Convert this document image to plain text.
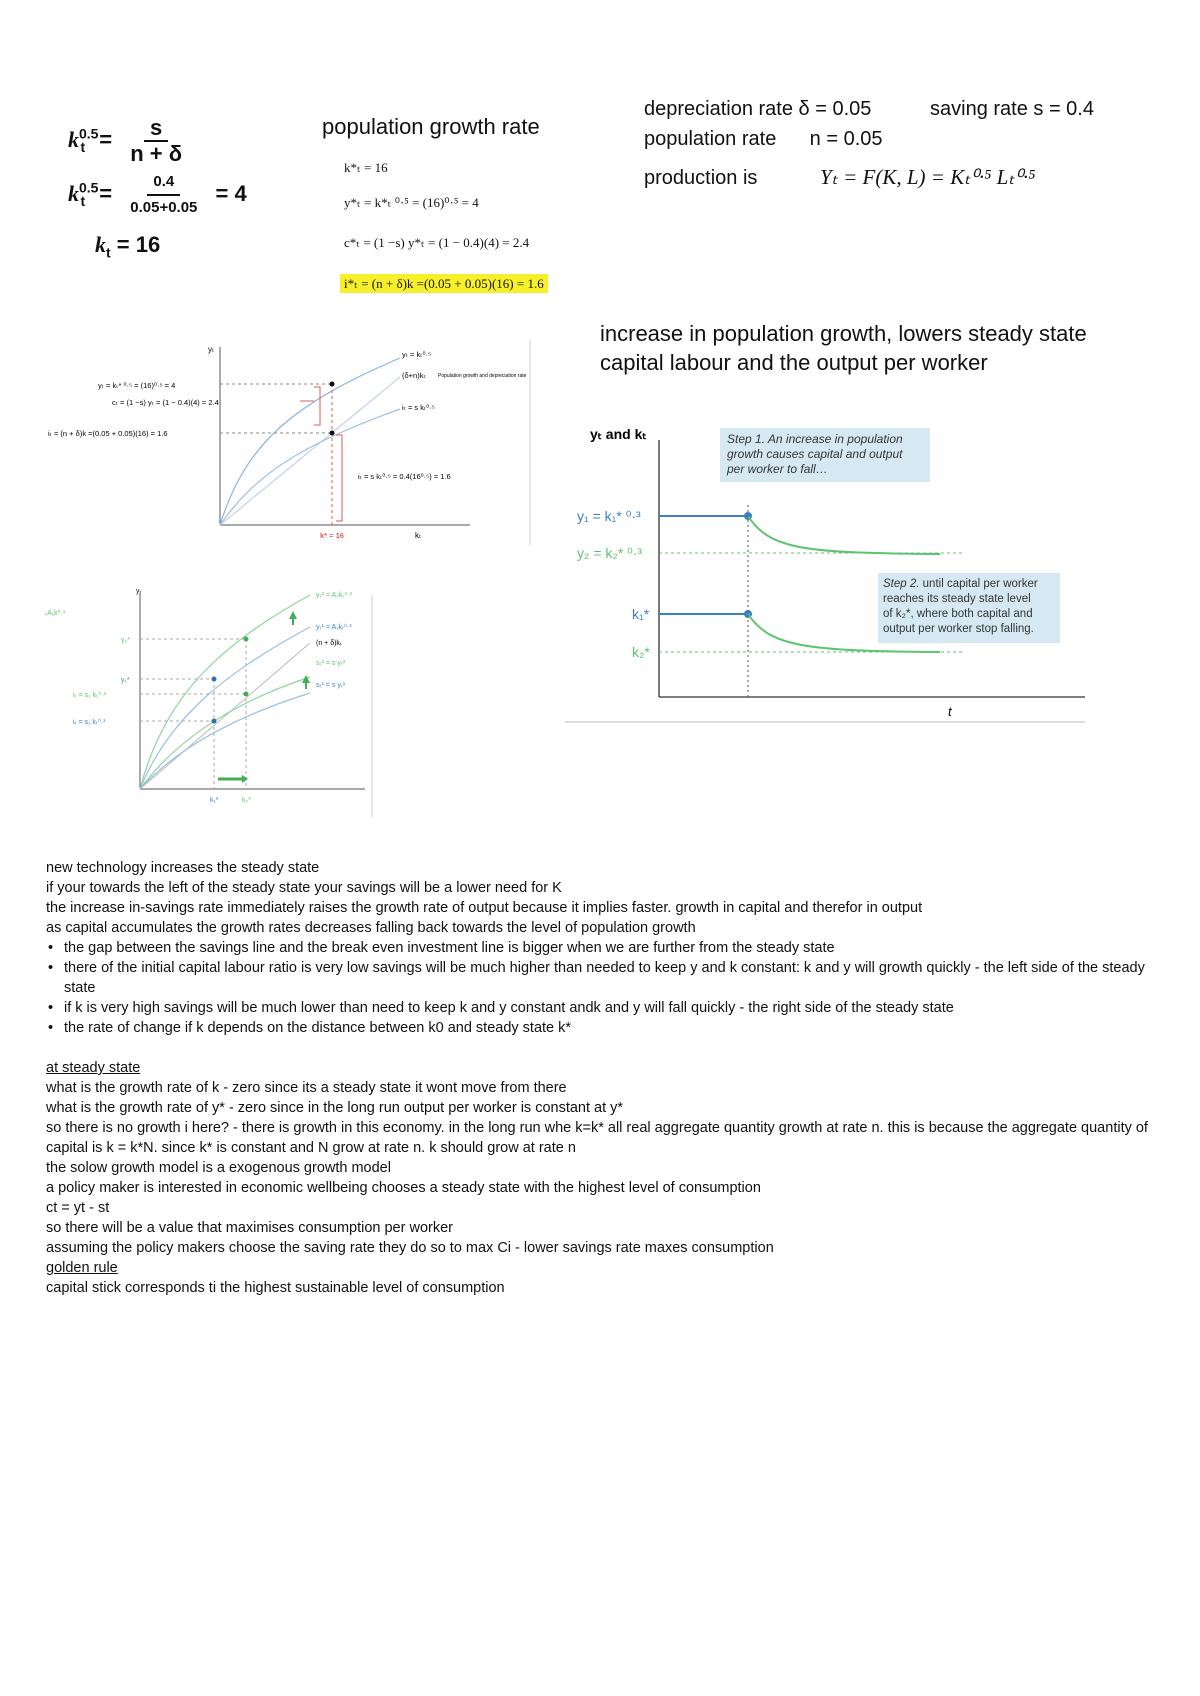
$k^{0.5}_t = \frac{s}{n + \delta}$
$k^{0.5}_t = \frac{0.4}{0.05+0.05} = 4$
$k_t = 16$
population growth rate
k*ₜ = 16
y*ₜ = k*ₜ ⁰·⁵ = (16)⁰·⁵ = 4
c*ₜ = (1 −s) y*ₜ = (1 − 0.4)(4) = 2.4
i*ₜ = (n + δ)k =(0.05 + 0.05)(16) = 1.6
depreciation rate δ = 0.05	saving rate s = 0.4
population rate      n = 0.05
production is	Yₜ = F(K, L) = Kₜ⁰·⁵ Lₜ⁰·⁵
yₜ
kₜ
yₜ = kₜ* ⁰·⁵ = (16)⁰·⁵ = 4
cₜ = (1 −s) yₜ = (1 − 0.4)(4) = 2.4
iₜ = (n + δ)k =(0.05 + 0.05)(16) = 1.6
yₜ = kₜ⁰·⁵
(δ+n)kₜ Population growth and depreciation rate
iₜ = s kₜ⁰·⁵
iₜ = s kₜ⁰·⁵ = 0.4(16⁰·⁵) = 1.6
k* = 16
increase in population growth, lowers steady state
capital labour and the output per worker
yₜ and kₜ
t
Step 1. An increase in population growth causes capital and output per worker to fall…
Step 2. until capital per worker reaches its steady state level of k₂*, where both capital and output per worker stop falling.
y₁ = k₁* ⁰·³
y₂ = k₂* ⁰·³
k₁*
k₂*
yₜ
ₜA₁k⁰·³
y₂*
y₁*
iₜ = s₂ kₜ⁰·³
iₜ = s₁ kₜ⁰·³
yₜ² = A₂kₜ⁰·³
yₜ¹ = A₁kₜ⁰·³
(n + δ)kₜ
sₜ² = s yₜ²
sₜ¹ = s yₜ¹
k₁*	k₂*

new technology increases the steady state

if your towards the left of the steady state your savings will be a lower need for K

the increase in-savings rate immediately raises the growth rate of output because it implies faster. growth in capital and therefor in output

as capital accumulates the growth rates decreases falling back towards the level of population growth

• the gap between the savings line and the break even investment line is bigger when we are further from the steady state
• there of the initial capital labour ratio is very low savings will be much higher than needed to keep y and k constant: k and y will growth quickly - the left side of the steady state
• if k is very high savings will be much lower than need to keep k and y constant andk and y will fall quickly - the right side of the steady state
• the rate of change if k depends on the distance between k0 and steady state k*

at steady state

what is the growth rate of k - zero since its a steady state it wont move from there

what is the growth rate of y* - zero since in the long run output per worker is constant at y*

so there is no growth i here? - there is growth in this economy. in the long run whe k=k* all real aggregate quantity growth at rate n. this is because the aggregate quantity of capital is k = k*N. since k* is constant and N grow at rate n. k should grow at rate n

the solow growth model is a exogenous growth model

a policy maker is interested in economic wellbeing chooses a steady state with the highest level of consumption

ct = yt - st

so there will be a value that maximises consumption per worker

assuming the policy makers choose the saving rate they do so to max Ci - lower savings rate maxes consumption

golden rule

capital stick corresponds ti the highest sustainable level of consumption
